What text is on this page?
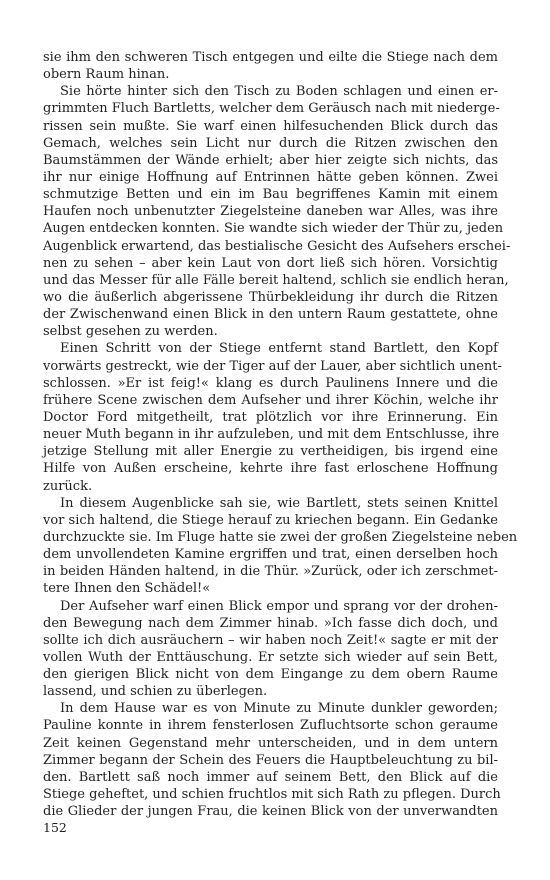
sie ihm den schweren Tisch entgegen und eilte die Stiege nach dem
obern Raum hinan.
Sie hörte hinter sich den Tisch zu Boden schlagen und einen er-
grimmten Fluch Bartletts, welcher dem Geräusch nach mit niederge-
rissen sein mußte. Sie warf einen hilfesuchenden Blick durch das
Gemach, welches sein Licht nur durch die Ritzen zwischen den
Baumstämmen der Wände erhielt; aber hier zeigte sich nichts, das
ihr nur einige Hoffnung auf Entrinnen hätte geben können. Zwei
schmutzige Betten und ein im Bau begriffenes Kamin mit einem
Haufen noch unbenutzter Ziegelsteine daneben war Alles, was ihre
Augen entdecken konnten. Sie wandte sich wieder der Thür zu, jeden
Augenblick erwartend, das bestialische Gesicht des Aufsehers erschei-
nen zu sehen – aber kein Laut von dort ließ sich hören. Vorsichtig
und das Messer für alle Fälle bereit haltend, schlich sie endlich heran,
wo die äußerlich abgerissene Thürbekleidung ihr durch die Ritzen
der Zwischenwand einen Blick in den untern Raum gestattete, ohne
selbst gesehen zu werden.
Einen Schritt von der Stiege entfernt stand Bartlett, den Kopf
vorwärts gestreckt, wie der Tiger auf der Lauer, aber sichtlich unent-
schlossen. »Er ist feig!« klang es durch Paulinens Innere und die
frühere Scene zwischen dem Aufseher und ihrer Köchin, welche ihr
Doctor Ford mitgetheilt, trat plötzlich vor ihre Erinnerung. Ein
neuer Muth begann in ihr aufzuleben, und mit dem Entschlusse, ihre
jetzige Stellung mit aller Energie zu vertheidigen, bis irgend eine
Hilfe von Außen erscheine, kehrte ihre fast erloschene Hoffnung
zurück.
In diesem Augenblicke sah sie, wie Bartlett, stets seinen Knittel
vor sich haltend, die Stiege herauf zu kriechen begann. Ein Gedanke
durchzuckte sie. Im Fluge hatte sie zwei der großen Ziegelsteine neben
dem unvollendeten Kamine ergriffen und trat, einen derselben hoch
in beiden Händen haltend, in die Thür. »Zurück, oder ich zerschmet-
tere Ihnen den Schädel!«
Der Aufseher warf einen Blick empor und sprang vor der drohen-
den Bewegung nach dem Zimmer hinab. »Ich fasse dich doch, und
sollte ich dich ausräuchern – wir haben noch Zeit!« sagte er mit der
vollen Wuth der Enttäuschung. Er setzte sich wieder auf sein Bett,
den gierigen Blick nicht von dem Eingange zu dem obern Raume
lassend, und schien zu überlegen.
In dem Hause war es von Minute zu Minute dunkler geworden;
Pauline konnte in ihrem fensterlosen Zufluchtsorte schon geraume
Zeit keinen Gegenstand mehr unterscheiden, und in dem untern
Zimmer begann der Schein des Feuers die Hauptbeleuchtung zu bil-
den. Bartlett saß noch immer auf seinem Bett, den Blick auf die
Stiege geheftet, und schien fruchtlos mit sich Rath zu pflegen. Durch
die Glieder der jungen Frau, die keinen Blick von der unverwandten
152
